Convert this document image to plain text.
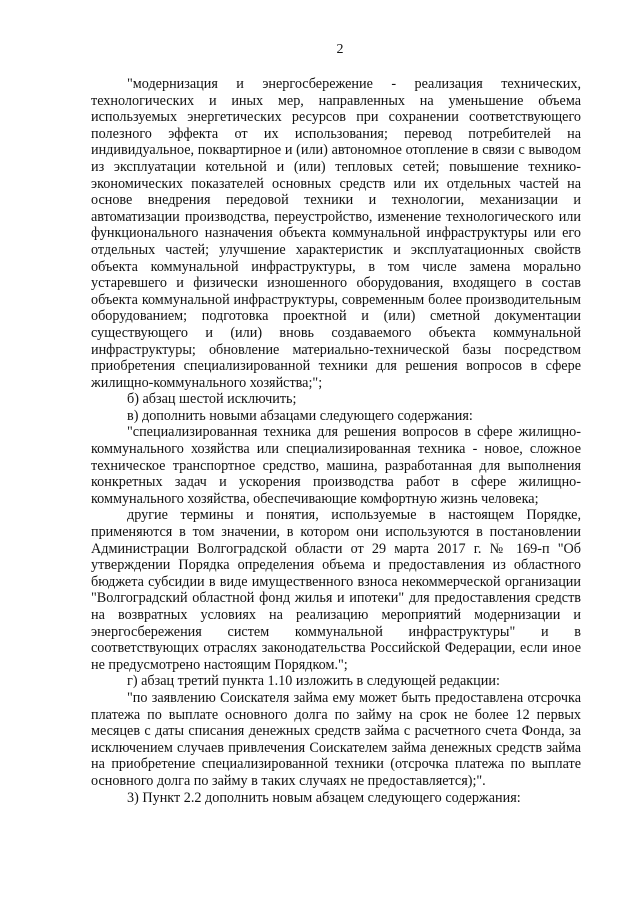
2

"модернизация и энергосбережение - реализация технических, технологических и иных мер, направленных на уменьшение объема используемых энергетических ресурсов при сохранении соответствующего полезного эффекта от их использования; перевод потребителей на индивидуальное, поквартирное и (или) автономное отопление в связи с выводом из эксплуатации котельной и (или) тепловых сетей; повышение технико-экономических показателей основных средств или их отдельных частей на основе внедрения передовой техники и технологии, механизации и автоматизации производства, переустройство, изменение технологического или функционального назначения объекта коммунальной инфраструктуры или его отдельных частей; улучшение характеристик и эксплуатационных свойств объекта коммунальной инфраструктуры, в том числе замена морально устаревшего и физически изношенного оборудования, входящего в состав объекта коммунальной инфраструктуры, современным более производительным оборудованием; подготовка проектной и (или) сметной документации существующего и (или) вновь создаваемого объекта коммунальной инфраструктуры; обновление материально-технической базы посредством приобретения специализированной техники для решения вопросов в сфере жилищно-коммунального хозяйства;";

б) абзац шестой исключить;

в) дополнить новыми абзацами следующего содержания:

"специализированная техника для решения вопросов в сфере жилищно-коммунального хозяйства или специализированная техника - новое, сложное техническое транспортное средство, машина, разработанная для выполнения конкретных задач и ускорения производства работ в сфере жилищно-коммунального хозяйства, обеспечивающие комфортную жизнь человека;

другие термины и понятия, используемые в настоящем Порядке, применяются в том значении, в котором они используются в постановлении Администрации Волгоградской области от 29 марта 2017 г. № 169-п "Об утверждении Порядка определения объема и предоставления из областного бюджета субсидии в виде имущественного взноса некоммерческой организации "Волгоградский областной фонд жилья и ипотеки" для предоставления средств на возвратных условиях на реализацию мероприятий модернизации и энергосбережения систем коммунальной инфраструктуры" и в соответствующих отраслях законодательства Российской Федерации, если иное не предусмотрено настоящим Порядком.";

г) абзац третий пункта 1.10 изложить в следующей редакции:

"по заявлению Соискателя займа ему может быть предоставлена отсрочка платежа по выплате основного долга по займу на срок не более 12 первых месяцев с даты списания денежных средств займа с расчетного счета Фонда, за исключением случаев привлечения Соискателем займа денежных средств займа на приобретение специализированной техники (отсрочка платежа по выплате основного долга по займу в таких случаях не предоставляется);".

3) Пункт 2.2 дополнить новым абзацем следующего содержания:
